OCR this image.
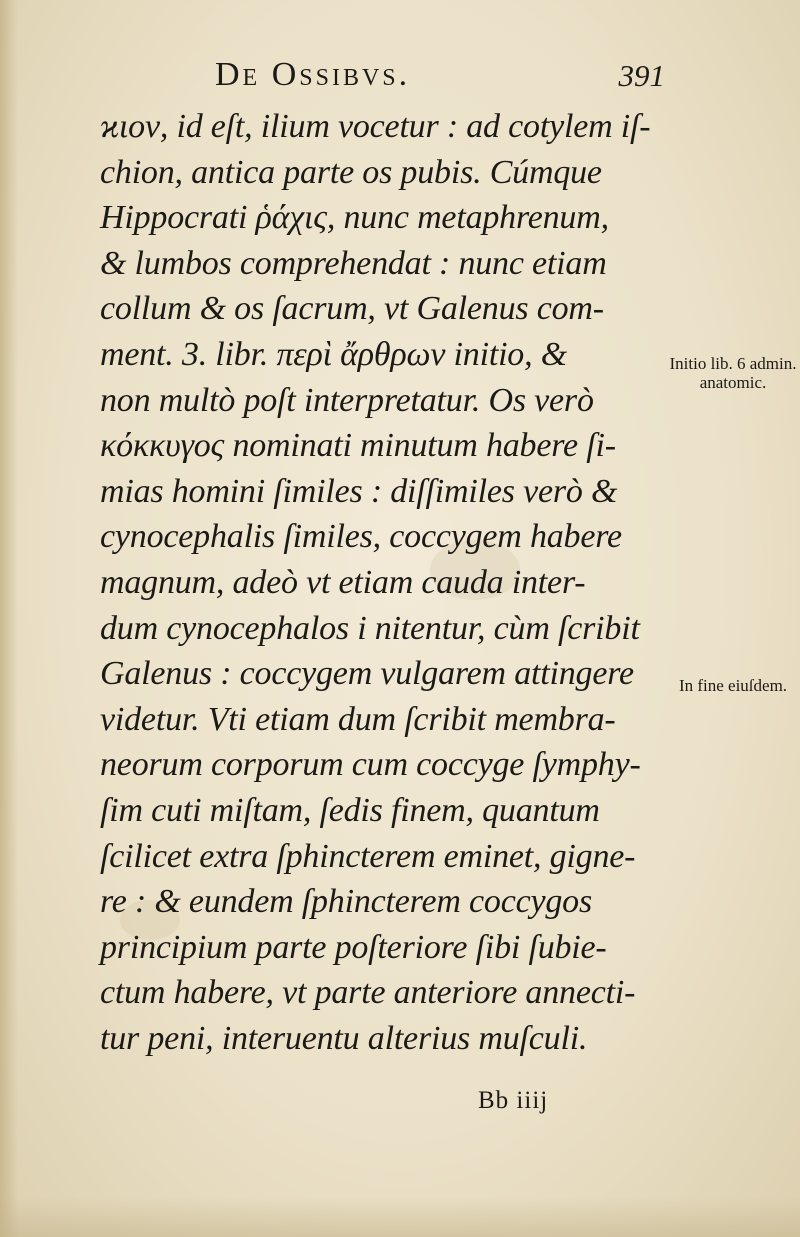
De Ossibvs.	391
ϰιον, id eſt, ilium vocetur : ad cotylem iſ-
chion, antica parte os pubis. Cúmque
Hippocrati ῥάχις, nunc metaphrenum,
& lumbos comprehendat : nunc etiam
collum & os ſacrum, vt Galenus com-
ment. 3. libr. περὶ ἄρθρων initio, &
non multò poſt interpretatur. Os verò
κόκκυγος nominati minutum habere ſi-
mias homini ſimiles : diſſimiles verò &
cynocephalis ſimiles, coccygem habere
magnum, adeò vt etiam cauda inter-
dum cynocephalos i nitentur, cùm ſcribit
Galenus : coccygem vulgarem attingere
videtur. Vti etiam dum ſcribit membra-
neorum corporum cum coccyge ſymphy-
ſim cuti miſtam, ſedis finem, quantum
ſcilicet extra ſphincterem eminet, gigne-
re : & eundem ſphincterem coccygos
principium parte poſteriore ſibi ſubie-
ctum habere, vt parte anteriore annecti-
tur peni, interuentu alterius muſculi.
Initio lib. 6 admin. anatomic.
In fine eiuſdem.
Bb iiij
